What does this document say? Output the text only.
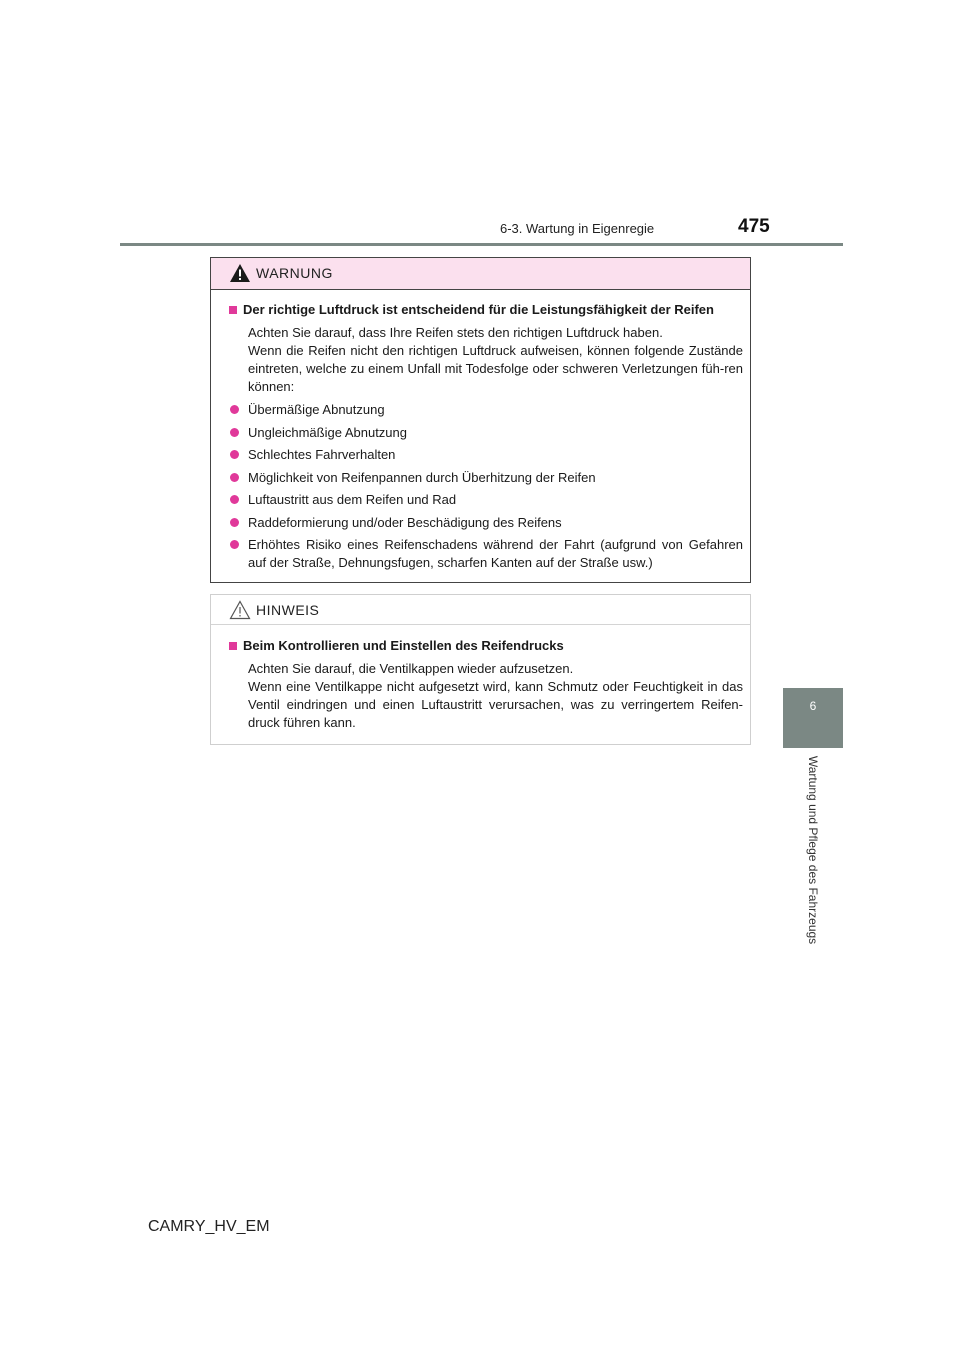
6-3. Wartung in Eigenregie	475
6
Wartung und Pflege des Fahrzeugs
WARNUNG
Der richtige Luftdruck ist entscheidend für die Leistungsfähigkeit der Reifen

Achten Sie darauf, dass Ihre Reifen stets den richtigen Luftdruck haben.

Wenn die Reifen nicht den richtigen Luftdruck aufweisen, können folgende Zustände eintreten, welche zu einem Unfall mit Todesfolge oder schweren Verletzungen füh-ren können:

Übermäßige Abnutzung
Ungleichmäßige Abnutzung
Schlechtes Fahrverhalten
Möglichkeit von Reifenpannen durch Überhitzung der Reifen
Luftaustritt aus dem Reifen und Rad
Raddeformierung und/oder Beschädigung des Reifens
Erhöhtes Risiko eines Reifenschadens während der Fahrt (aufgrund von Gefahren auf der Straße, Dehnungsfugen, scharfen Kanten auf der Straße usw.)
HINWEIS
Beim Kontrollieren und Einstellen des Reifendrucks

Achten Sie darauf, die Ventilkappen wieder aufzusetzen.

Wenn eine Ventilkappe nicht aufgesetzt wird, kann Schmutz oder Feuchtigkeit in das Ventil eindringen und einen Luftaustritt verursachen, was zu verringertem Reifen-druck führen kann.

CAMRY_HV_EM
